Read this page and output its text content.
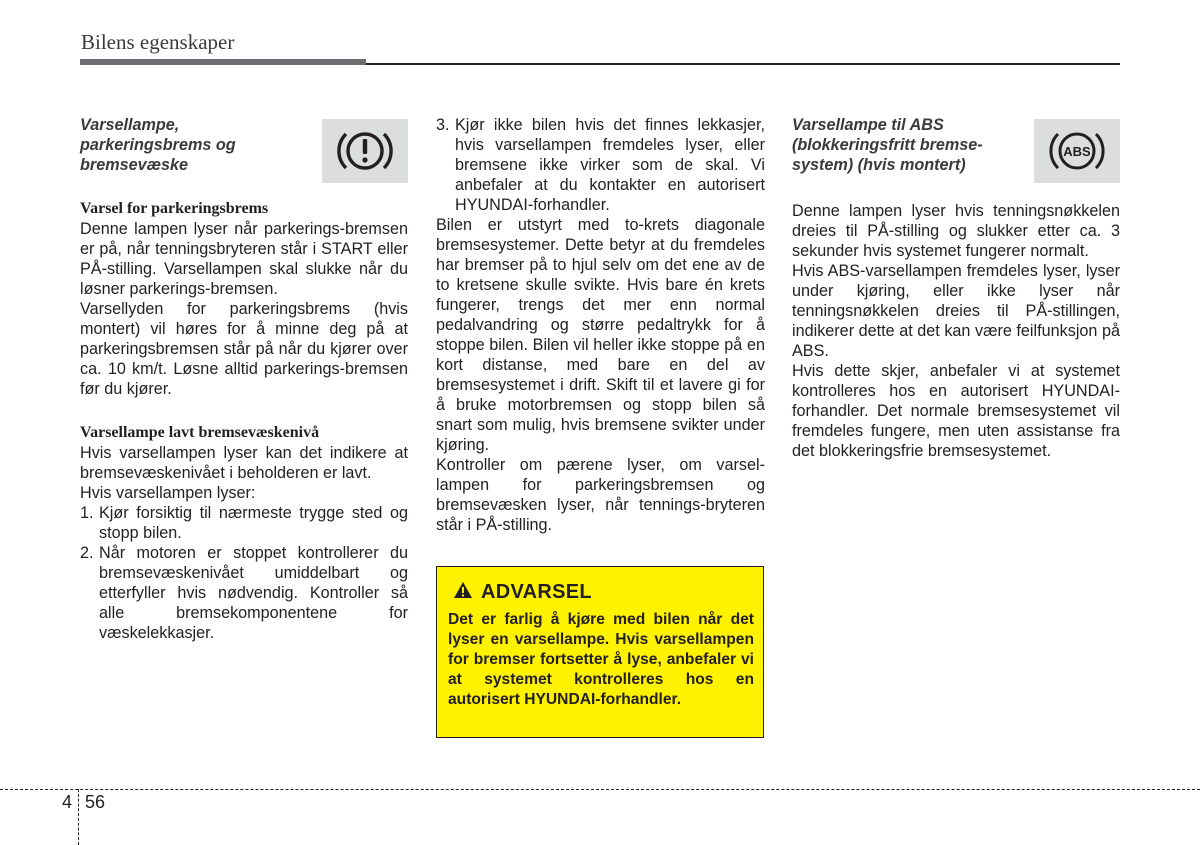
Bilens egenskaper
Varsellampe,
parkeringsbrems og
bremsevæske

Varsel for parkeringsbrems

Denne lampen lyser når parkerings-bremsen er på, når tenningsbryteren står i START eller PÅ-stilling. Varsellampen skal slukke når du løsner parkerings-bremsen.

Varsellyden for parkeringsbrems (hvis montert) vil høres for å minne deg på at parkeringsbremsen står på når du kjører over ca. 10 km/t. Løsne alltid parkerings-bremsen før du kjører.

Varsellampe lavt bremsevæskenivå

Hvis varsellampen lyser kan det indikere at bremsevæskenivået i beholderen er lavt.

Hvis varsellampen lyser:

1. Kjør forsiktig til nærmeste trygge sted og stopp bilen.
2. Når motoren er stoppet kontrollerer du bremsevæskenivået umiddelbart og etterfyller hvis nødvendig. Kontroller så alle bremsekomponentene for væskelekkasjer.
3. Kjør ikke bilen hvis det finnes lekkasjer, hvis varsellampen fremdeles lyser, eller bremsene ikke virker som de skal. Vi anbefaler at du kontakter en autorisert HYUNDAI-forhandler.

Bilen er utstyrt med to-krets diagonale bremsesystemer. Dette betyr at du fremdeles har bremser på to hjul selv om det ene av de to kretsene skulle svikte. Hvis bare én krets fungerer, trengs det mer enn normal pedalvandring og større pedaltrykk for å stoppe bilen. Bilen vil heller ikke stoppe på en kort distanse, med bare en del av bremsesystemet i drift. Skift til et lavere gi for å bruke motorbremsen og stopp bilen så snart som mulig, hvis bremsene svikter under kjøring.

Kontroller om pærene lyser, om varsel-lampen for parkeringsbremsen og bremsevæsken lyser, når tennings-bryteren står i PÅ-stilling.

ADVARSEL
Det er farlig å kjøre med bilen når det lyser en varsellampe. Hvis varsellampen for bremser fortsetter å lyse, anbefaler vi at systemet kontrolleres hos en autorisert HYUNDAI-forhandler.
Varsellampe til ABS
(blokkeringsfritt bremse-
system) (hvis montert)
ABS

Denne lampen lyser hvis tenningsnøkkelen dreies til PÅ-stilling og slukker etter ca. 3 sekunder hvis systemet fungerer normalt.

Hvis ABS-varsellampen fremdeles lyser, lyser under kjøring, eller ikke lyser når tenningsnøkkelen dreies til PÅ-stillingen, indikerer dette at det kan være feilfunksjon på ABS.

Hvis dette skjer, anbefaler vi at systemet kontrolleres hos en autorisert HYUNDAI-forhandler. Det normale bremsesystemet vil fremdeles fungere, men uten assistanse fra det blokkeringsfrie bremsesystemet.

4 56
